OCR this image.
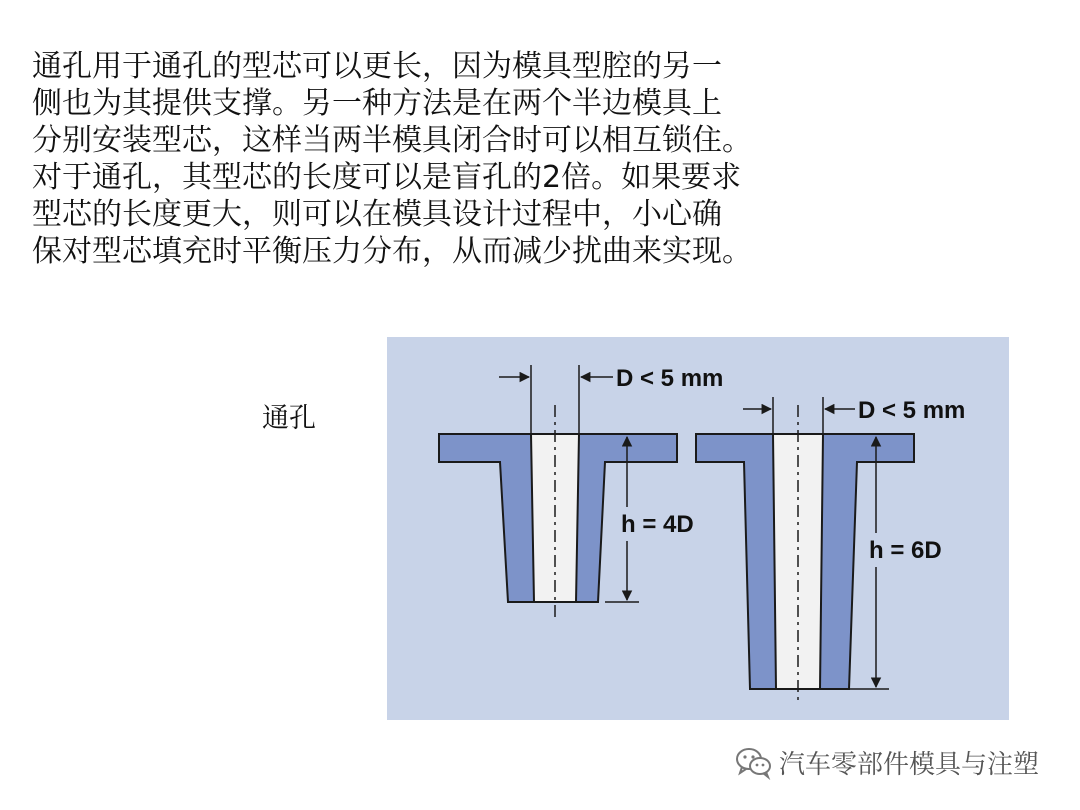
通孔用于通孔的型芯可以更长，因为模具型腔的另一
侧也为其提供支撑。另一种方法是在两个半边模具上
分别安装型芯，这样当两半模具闭合时可以相互锁住。
对于通孔，其型芯的长度可以是盲孔的2倍。如果要求
型芯的长度更大，则可以在模具设计过程中，小心确
保对型芯填充时平衡压力分布，从而减少扰曲来实现。
通孔
D < 5 mm
h = 4D
D < 5 mm
h = 6D
汽车零部件模具与注塑
